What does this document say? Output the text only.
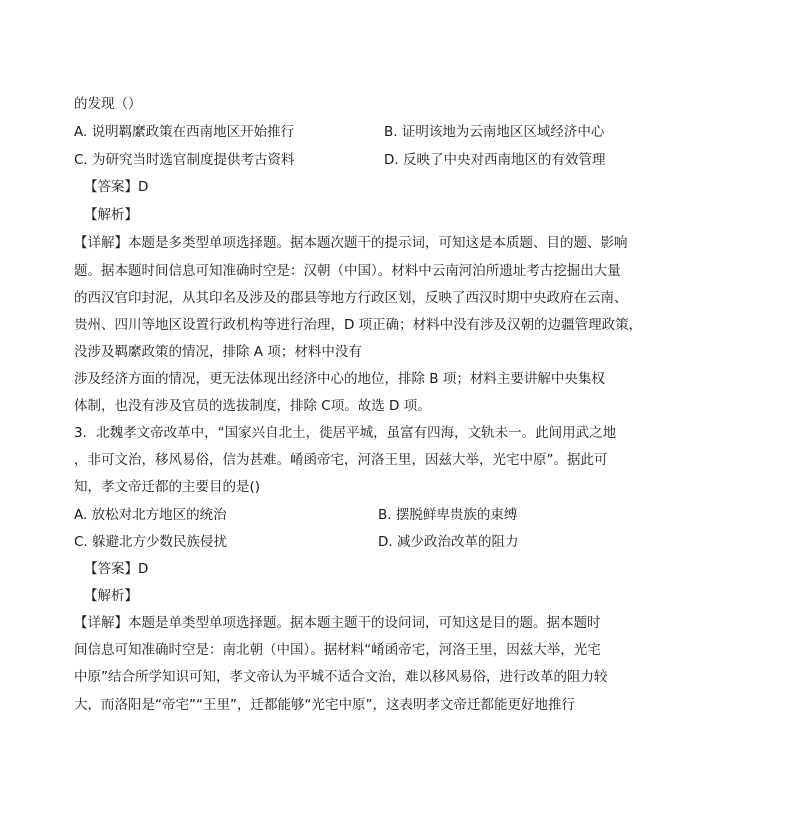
的发现（）
A. 说明羁縻政策在西南地区开始推行	B. 证明该地为云南地区区域经济中心
C. 为研究当时选官制度提供考古资料	D. 反映了中央对西南地区的有效管理
【答案】D
【解析】
【详解】本题是多类型单项选择题。据本题次题干的提示词，可知这是本质题、目的题、影响
题。据本题时间信息可知准确时空是：汉朝（中国）。材料中云南河泊所遗址考古挖掘出大量
的西汉官印封泥，从其印名及涉及的郡县等地方行政区划，反映了西汉时期中央政府在云南、
贵州、四川等地区设置行政机构等进行治理，D 项正确；材料中没有涉及汉朝的边疆管理政策，
没涉及羁縻政策的情况，排除 A 项；材料中没有
涉及经济方面的情况，更无法体现出经济中心的地位，排除 B 项；材料主要讲解中央集权
体制，也没有涉及官员的选拔制度，排除 C项。故选 D 项。
3．北魏孝文帝改革中，“国家兴自北土，徙居平城，虽富有四海，文轨未一。此间用武之地
，非可文治，移风易俗，信为甚难。崤函帝宅，河洛王里，因兹大举，光宅中原”。据此可
知，孝文帝迁都的主要目的是()
A. 放松对北方地区的统治	B. 摆脱鲜卑贵族的束缚
C. 躲避北方少数民族侵扰	D. 减少政治改革的阻力
【答案】D
【解析】
【详解】本题是单类型单项选择题。据本题主题干的设问词，可知这是目的题。据本题时
间信息可知准确时空是：南北朝（中国）。据材料“崤函帝宅，河洛王里，因兹大举，光宅
中原”结合所学知识可知，孝文帝认为平城不适合文治，难以移风易俗，进行改革的阻力较
大，而洛阳是“帝宅”“王里”，迁都能够“光宅中原”，这表明孝文帝迁都能更好地推行
